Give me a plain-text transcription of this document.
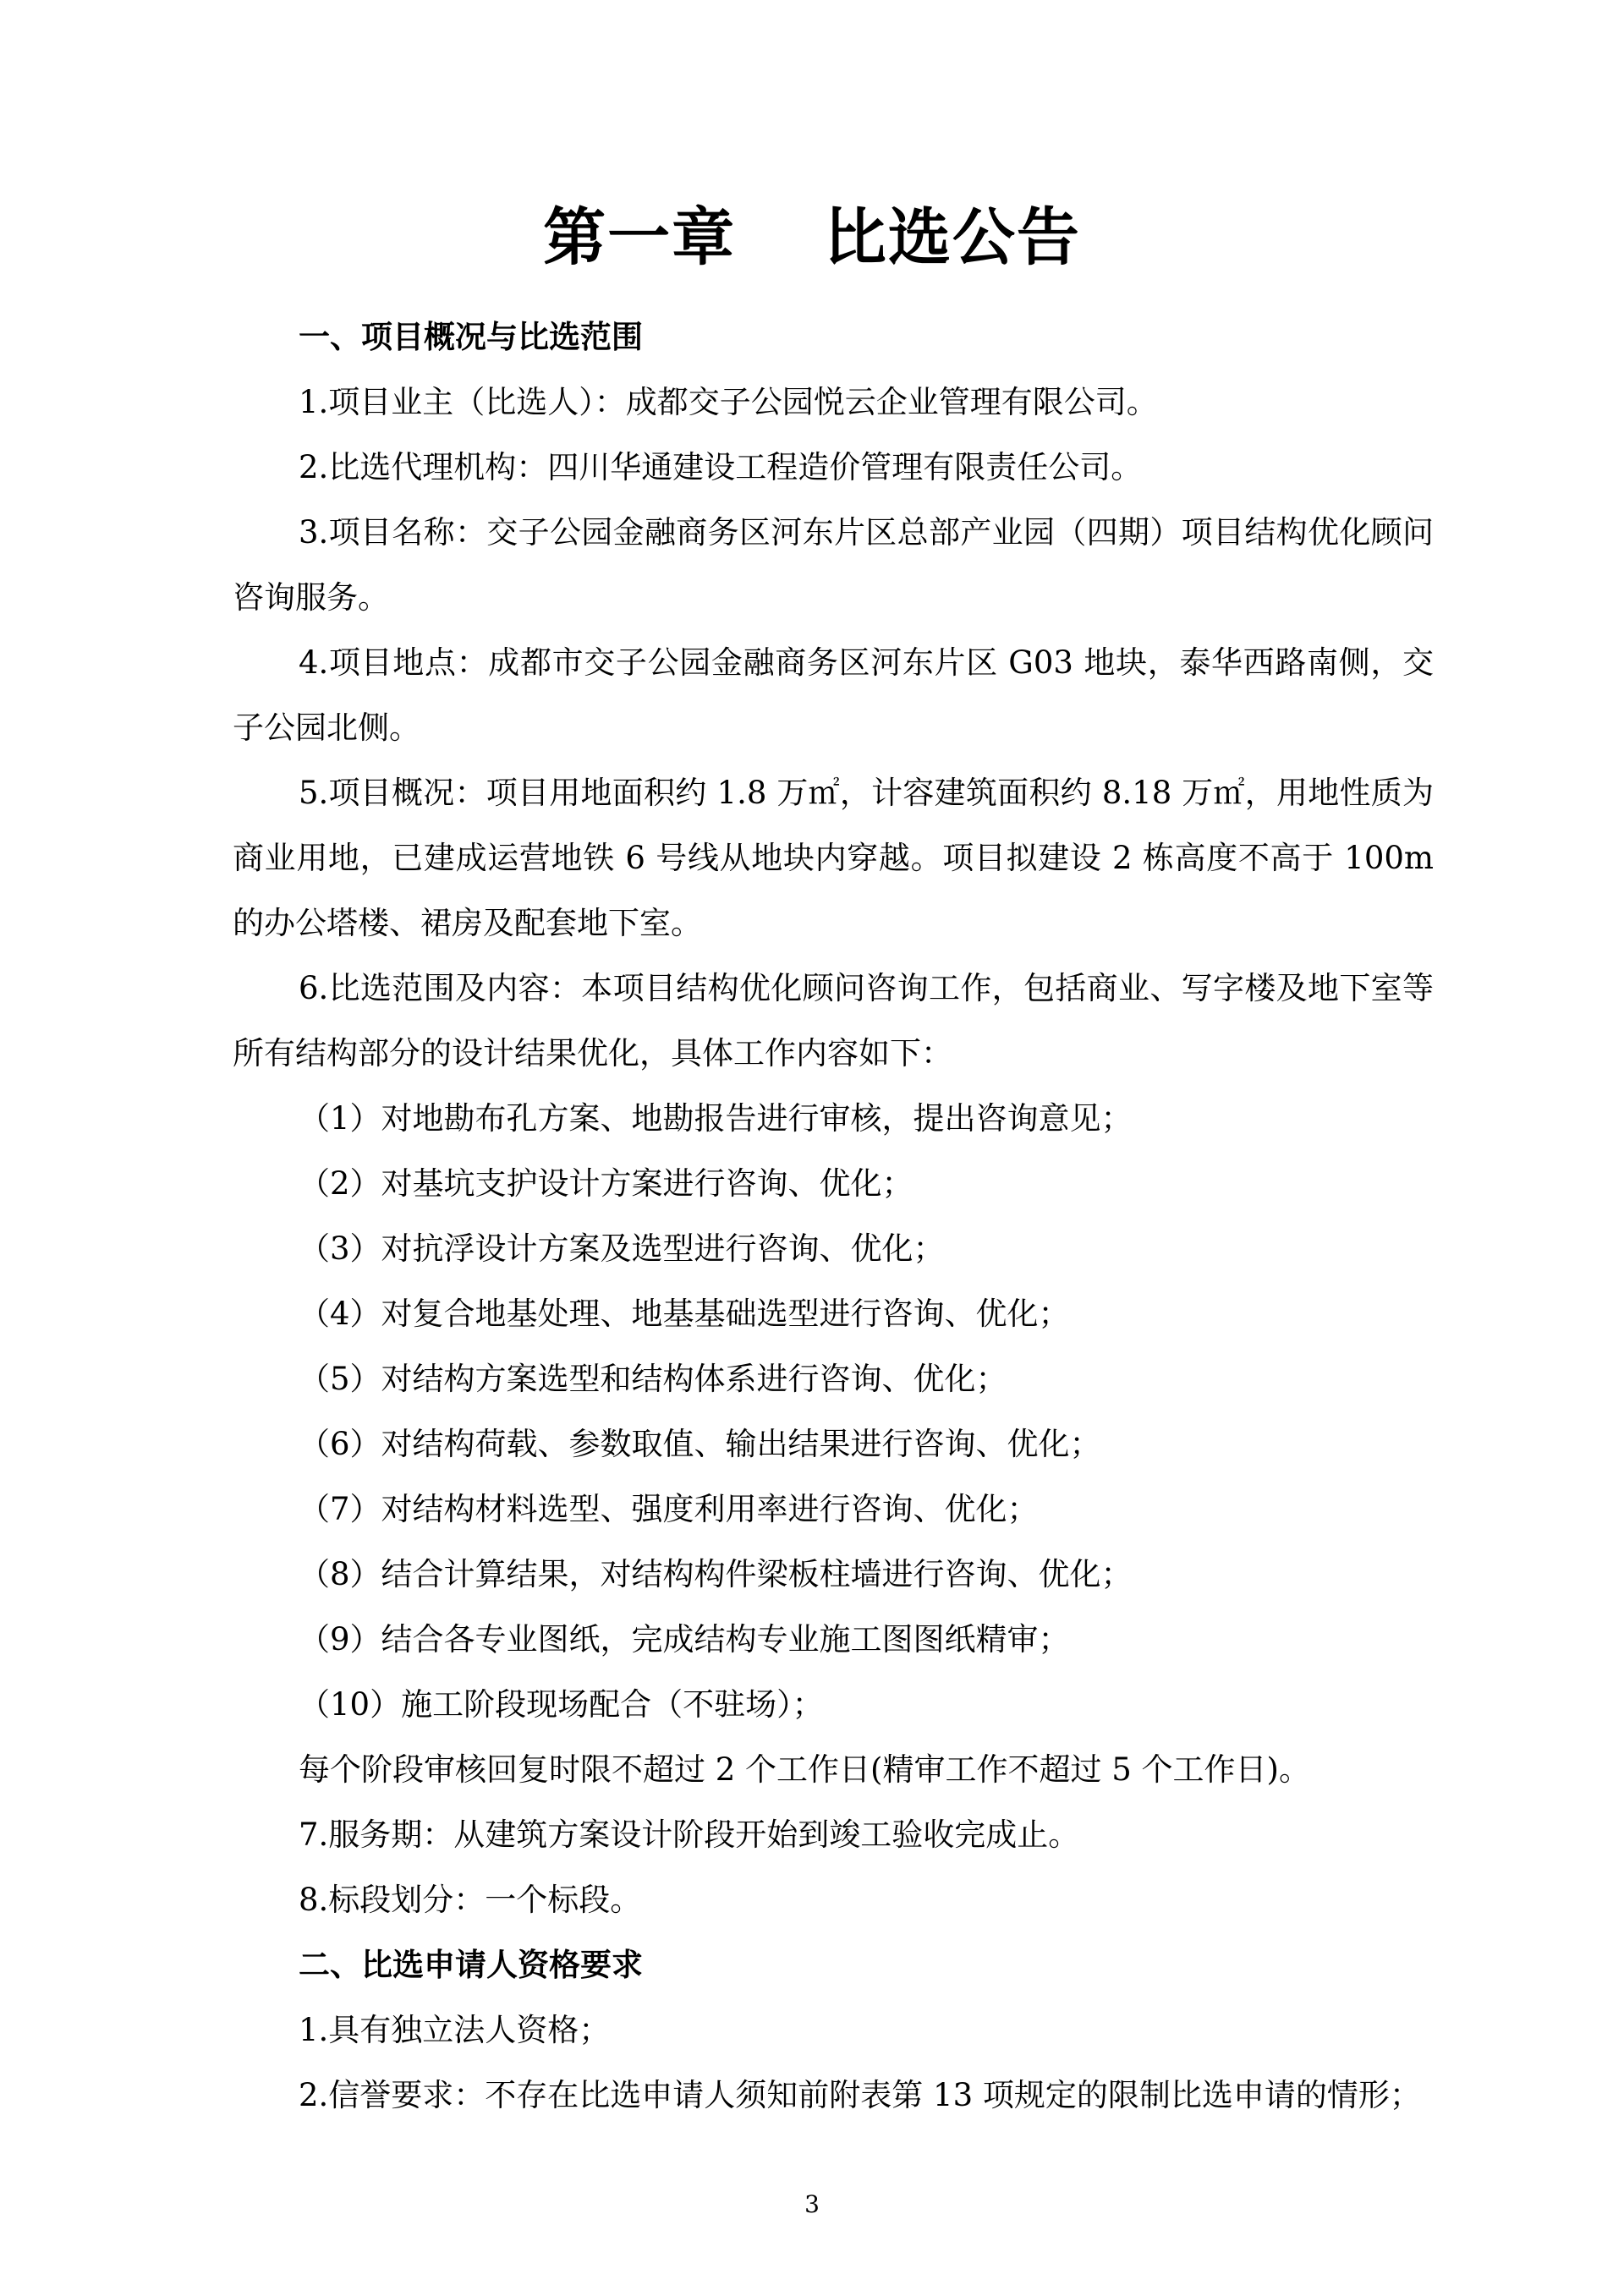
第一章　 比选公告

一、项目概况与比选范围

1.项目业主（比选人）：成都交子公园悦云企业管理有限公司。

2.比选代理机构：四川华通建设工程造价管理有限责任公司。

3.项目名称：交子公园金融商务区河东片区总部产业园（四期）项目结构优化顾问咨询服务。

4.项目地点：成都市交子公园金融商务区河东片区 G03 地块，泰华西路南侧，交子公园北侧。

5.项目概况：项目用地面积约 1.8 万㎡，计容建筑面积约 8.18 万㎡，用地性质为商业用地，已建成运营地铁 6 号线从地块内穿越。项目拟建设 2 栋高度不高于 100m 的办公塔楼、裙房及配套地下室。

6.比选范围及内容：本项目结构优化顾问咨询工作，包括商业、写字楼及地下室等所有结构部分的设计结果优化，具体工作内容如下：

（1）对地勘布孔方案、地勘报告进行审核，提出咨询意见；

（2）对基坑支护设计方案进行咨询、优化；

（3）对抗浮设计方案及选型进行咨询、优化；

（4）对复合地基处理、地基基础选型进行咨询、优化；

（5）对结构方案选型和结构体系进行咨询、优化；

（6）对结构荷载、参数取值、输出结果进行咨询、优化；

（7）对结构材料选型、强度利用率进行咨询、优化；

（8）结合计算结果，对结构构件梁板柱墙进行咨询、优化；

（9）结合各专业图纸，完成结构专业施工图图纸精审；

（10）施工阶段现场配合（不驻场）；

每个阶段审核回复时限不超过 2 个工作日(精审工作不超过 5 个工作日)。

7.服务期：从建筑方案设计阶段开始到竣工验收完成止。

8.标段划分：一个标段。

二、比选申请人资格要求

1.具有独立法人资格；

2.信誉要求：不存在比选申请人须知前附表第 13 项规定的限制比选申请的情形；

3
